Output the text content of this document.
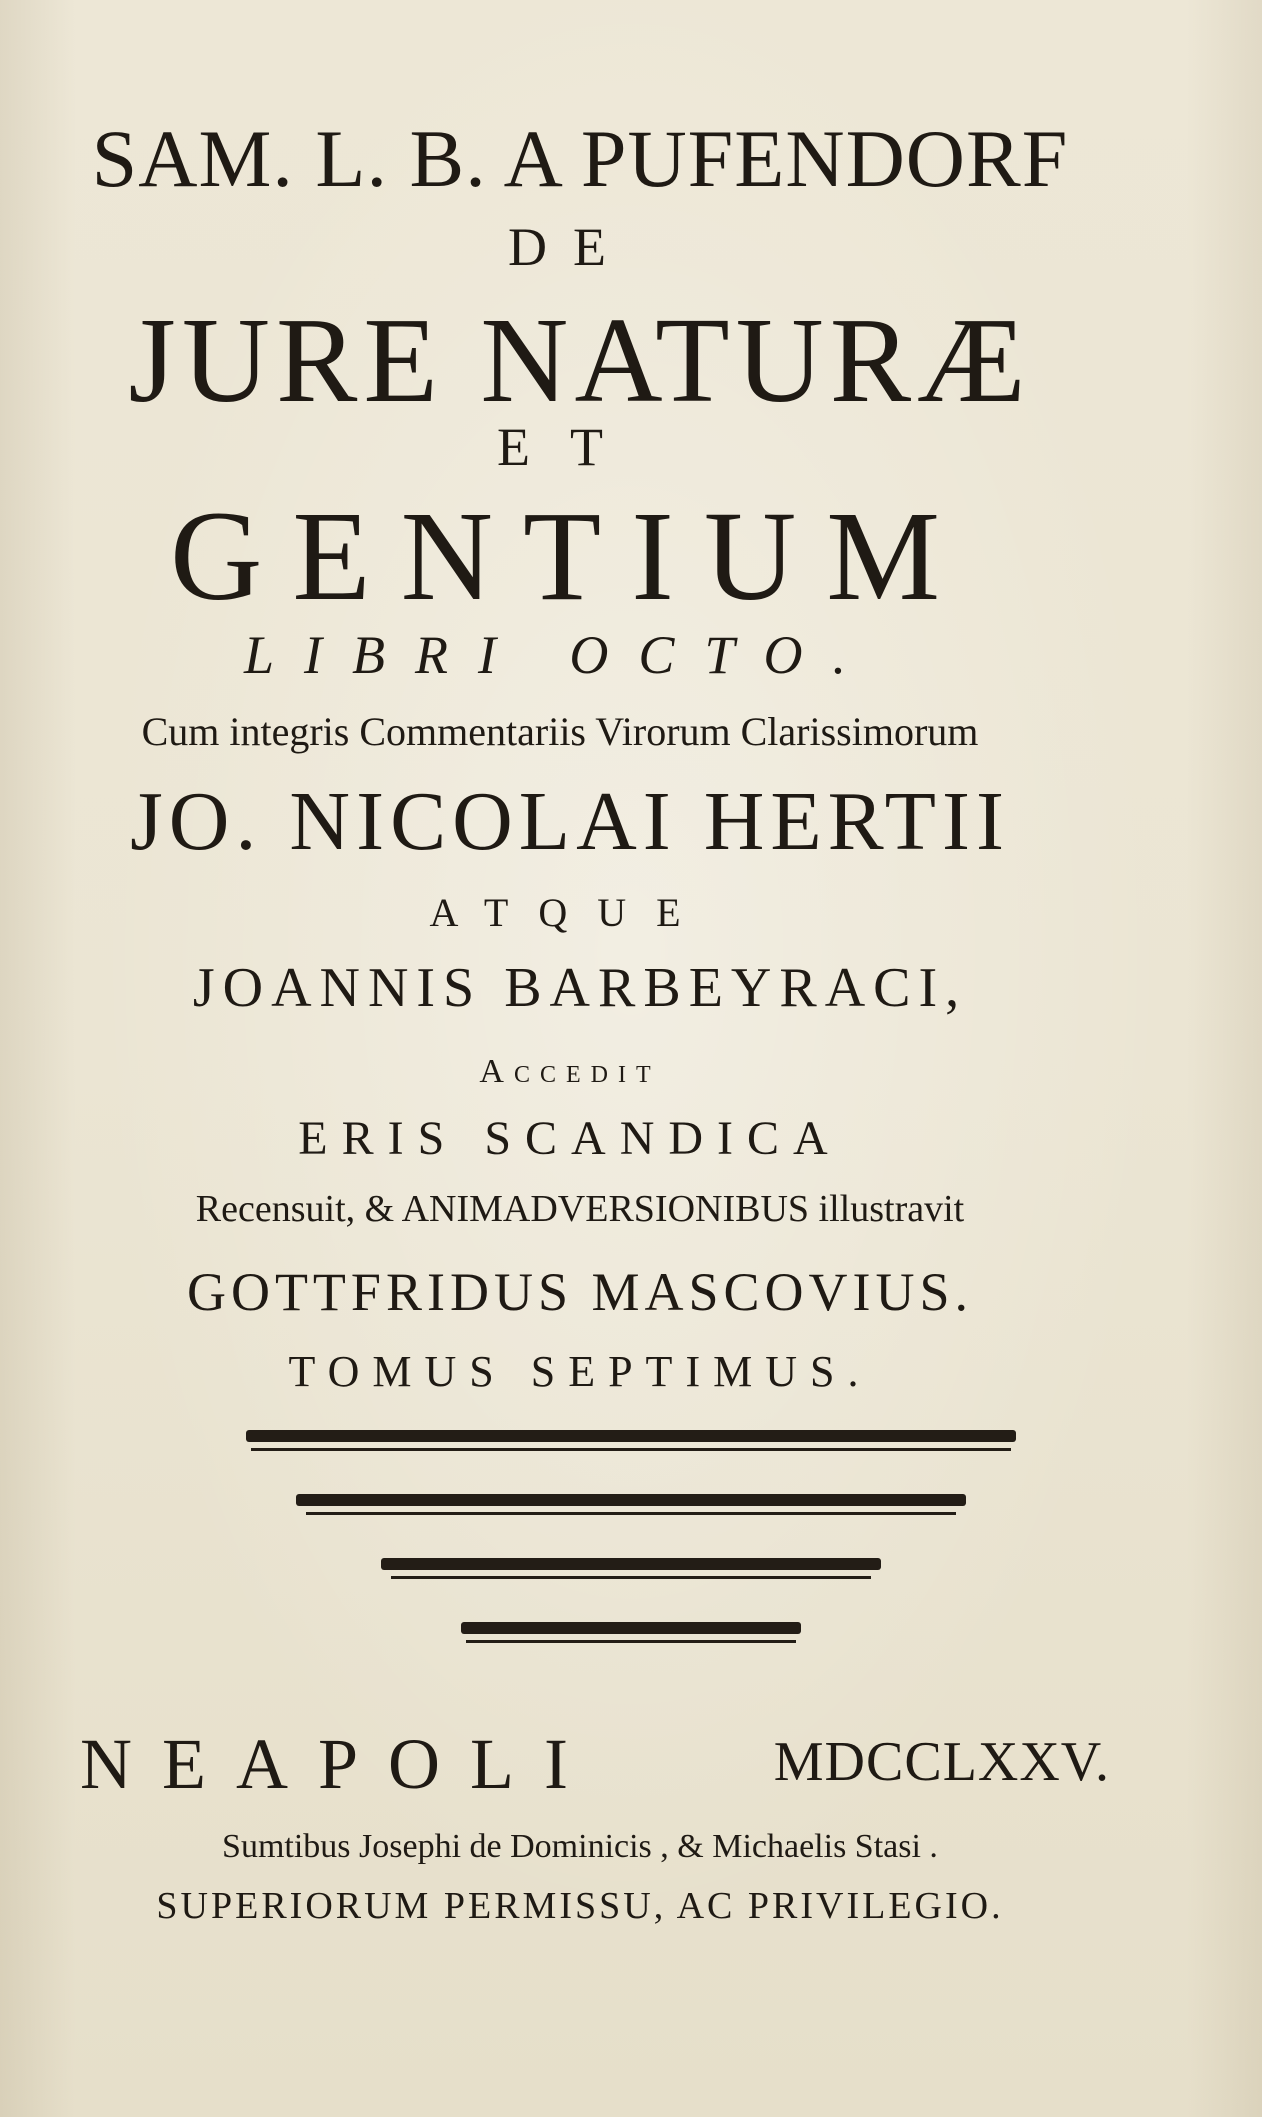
SAM. L. B. A PUFENDORF
DE
JURE NATURÆ
ET
GENTIUM
LIBRI OCTO.
Cum integris Commentariis Virorum Clarissimorum
JO. NICOLAI HERTII
ATQUE
JOANNIS BARBEYRACI,
Accedit
ERIS SCANDICA
Recensuit, & ANIMADVERSIONIBUS illustravit
GOTTFRIDUS MASCOVIUS.
TOMUS SEPTIMUS.
NEAPOLI	MDCCLXXV.
Sumtibus Josephi de Dominicis , & Michaelis Stasi .
SUPERIORUM PERMISSU, AC PRIVILEGIO.
